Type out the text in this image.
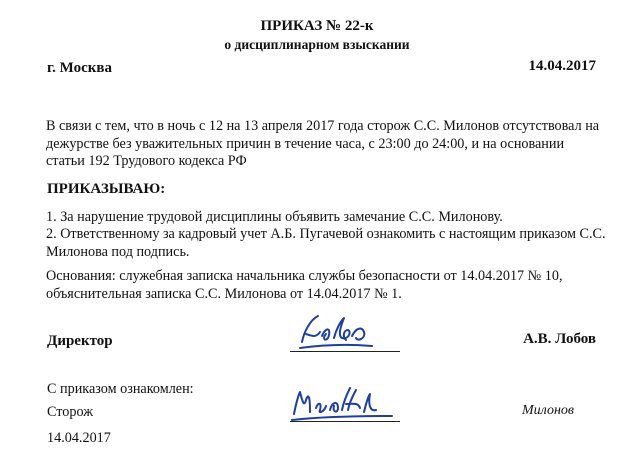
ПРИКАЗ № 22-к
о дисциплинарном взыскании
г. Москва	14.04.2017
В связи с тем, что в ночь с 12 на 13 апреля 2017 года сторож С.С. Милонов отсутствовал на дежурстве без уважительных причин в течение часа, с 23:00 до 24:00, и на основании статьи 192 Трудового кодекса РФ
ПРИКАЗЫВАЮ:
1. За нарушение трудовой дисциплины объявить замечание С.С. Милонову.
2. Ответственному за кадровый учет А.Б. Пугачевой ознакомить с настоящим приказом С.С. Милонова под подпись.
Основания: служебная записка начальника службы безопасности от 14.04.2017 № 10, объяснительная записка С.С. Милонова от 14.04.2017 № 1.
Директор	А.В. Лобов
С приказом ознакомлен:
Сторож	Милонов
14.04.2017
